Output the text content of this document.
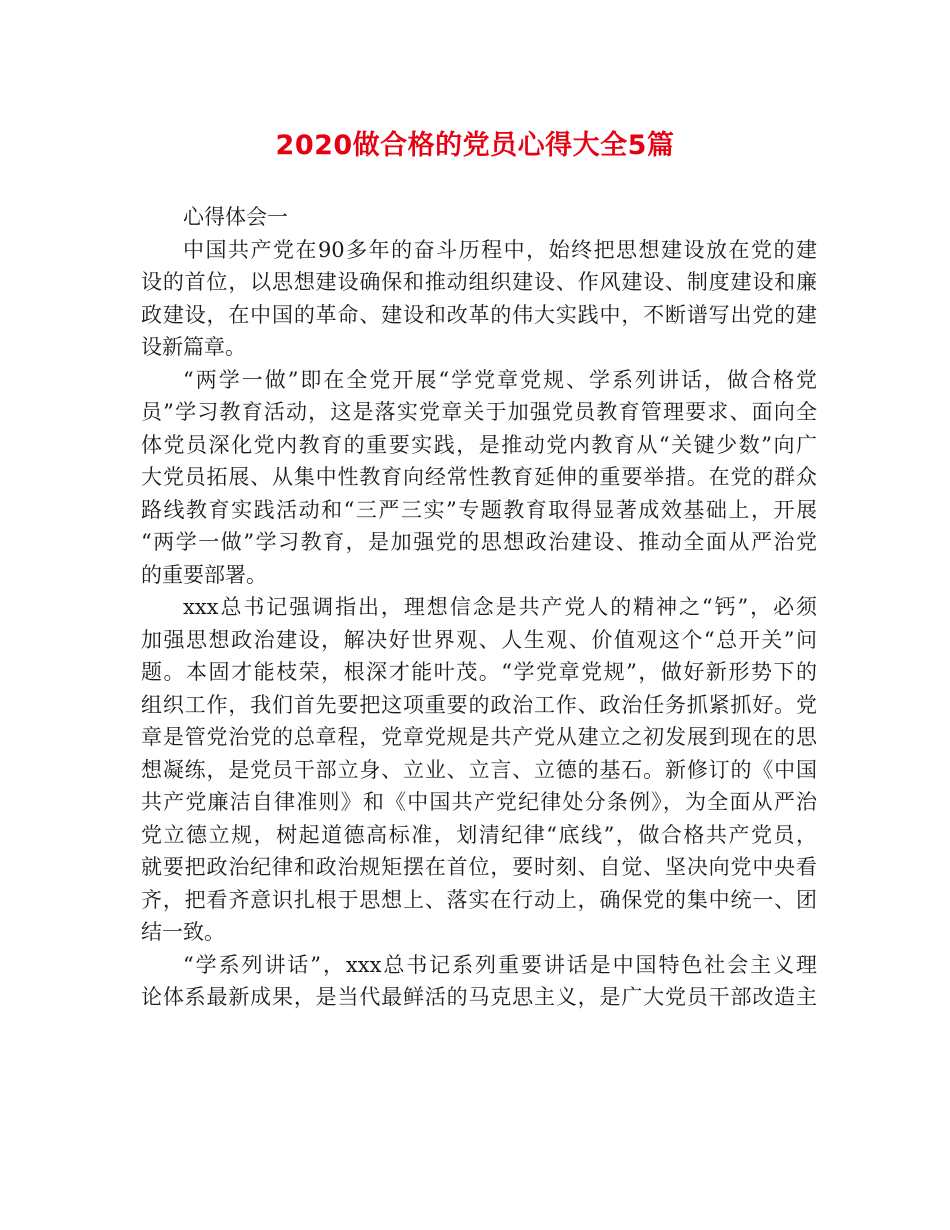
2020做合格的党员心得大全5篇
心得体会一
中国共产党在90多年的奋斗历程中，始终把思想建设放在党的建
设的首位，以思想建设确保和推动组织建设、作风建设、制度建设和廉
政建设，在中国的革命、建设和改革的伟大实践中，不断谱写出党的建
设新篇章。
“两学一做”即在全党开展“学党章党规、学系列讲话，做合格党
员”学习教育活动，这是落实党章关于加强党员教育管理要求、面向全
体党员深化党内教育的重要实践，是推动党内教育从“关键少数”向广
大党员拓展、从集中性教育向经常性教育延伸的重要举措。在党的群众
路线教育实践活动和“三严三实”专题教育取得显著成效基础上，开展
“两学一做”学习教育，是加强党的思想政治建设、推动全面从严治党
的重要部署。
xxx总书记强调指出，理想信念是共产党人的精神之“钙”，必须
加强思想政治建设，解决好世界观、人生观、价值观这个“总开关”问
题。本固才能枝荣，根深才能叶茂。“学党章党规”，做好新形势下的
组织工作，我们首先要把这项重要的政治工作、政治任务抓紧抓好。党
章是管党治党的总章程，党章党规是共产党从建立之初发展到现在的思
想凝练，是党员干部立身、立业、立言、立德的基石。新修订的《中国
共产党廉洁自律准则》和《中国共产党纪律处分条例》，为全面从严治
党立德立规，树起道德高标准，划清纪律“底线”，做合格共产党员，
就要把政治纪律和政治规矩摆在首位，要时刻、自觉、坚决向党中央看
齐，把看齐意识扎根于思想上、落实在行动上，确保党的集中统一、团
结一致。
“学系列讲话”，xxx总书记系列重要讲话是中国特色社会主义理
论体系最新成果，是当代最鲜活的马克思主义，是广大党员干部改造主
